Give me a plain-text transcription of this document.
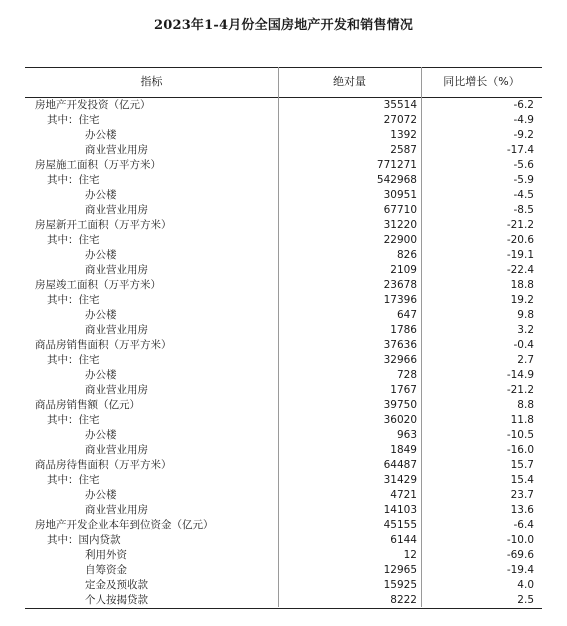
2023年1-4月份全国房地产开发和销售情况
指标	绝对量	同比增长（%）
房地产开发投资（亿元）	35514	-6.2
其中：住宅	27072	-4.9
办公楼	1392	-9.2
商业营业用房	2587	-17.4
房屋施工面积（万平方米）	771271	-5.6
其中：住宅	542968	-5.9
办公楼	30951	-4.5
商业营业用房	67710	-8.5
房屋新开工面积（万平方米）	31220	-21.2
其中：住宅	22900	-20.6
办公楼	826	-19.1
商业营业用房	2109	-22.4
房屋竣工面积（万平方米）	23678	18.8
其中：住宅	17396	19.2
办公楼	647	9.8
商业营业用房	1786	3.2
商品房销售面积（万平方米）	37636	-0.4
其中：住宅	32966	2.7
办公楼	728	-14.9
商业营业用房	1767	-21.2
商品房销售额（亿元）	39750	8.8
其中：住宅	36020	11.8
办公楼	963	-10.5
商业营业用房	1849	-16.0
商品房待售面积（万平方米）	64487	15.7
其中：住宅	31429	15.4
办公楼	4721	23.7
商业营业用房	14103	13.6
房地产开发企业本年到位资金（亿元）	45155	-6.4
其中：国内贷款	6144	-10.0
利用外资	12	-69.6
自筹资金	12965	-19.4
定金及预收款	15925	4.0
个人按揭贷款	8222	2.5
